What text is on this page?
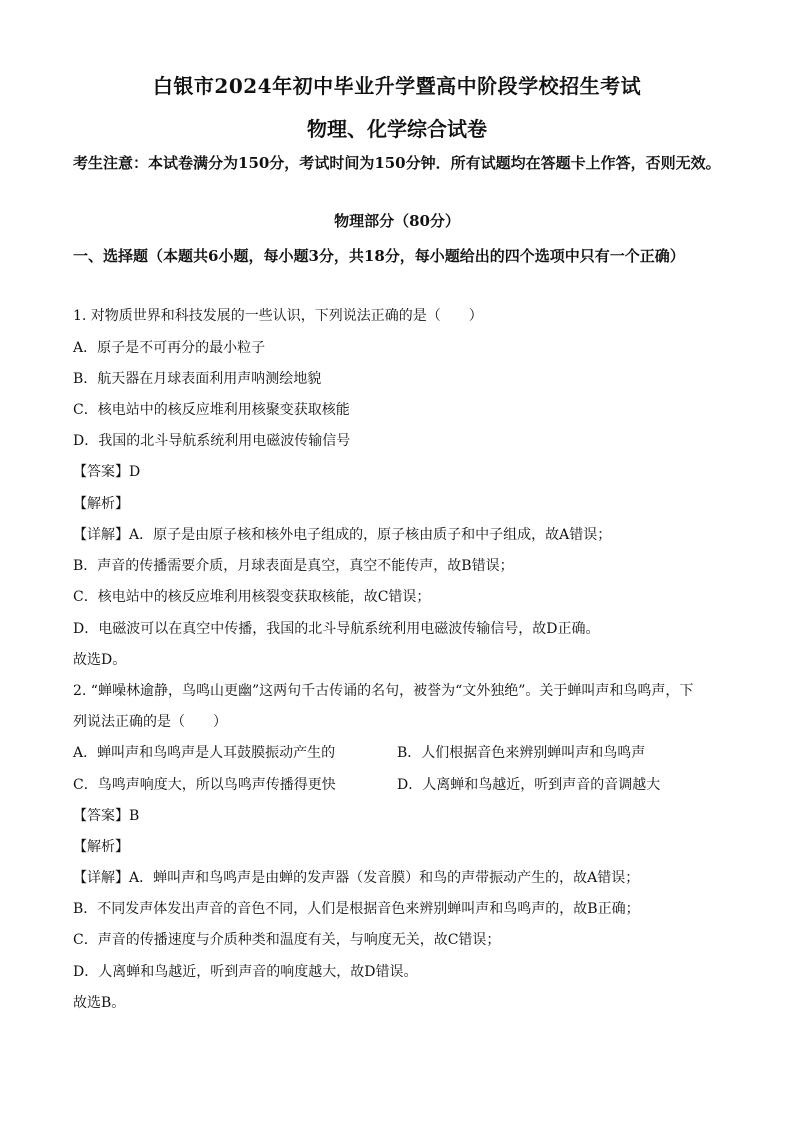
白银市2024年初中毕业升学暨高中阶段学校招生考试
物理、化学综合试卷
考生注意：本试卷满分为150分，考试时间为150分钟．所有试题均在答题卡上作答，否则无效。
物理部分（80分）
一、选择题（本题共6小题，每小题3分，共18分，每小题给出的四个选项中只有一个正确）
1. 对物质世界和科技发展的一些认识，下列说法正确的是（　　）
A．原子是不可再分的最小粒子
B．航天器在月球表面利用声呐测绘地貌
C．核电站中的核反应堆利用核聚变获取核能
D．我国的北斗导航系统利用电磁波传输信号
【答案】D
【解析】
【详解】A．原子是由原子核和核外电子组成的，原子核由质子和中子组成，故A错误；
B．声音的传播需要介质，月球表面是真空，真空不能传声，故B错误；
C．核电站中的核反应堆利用核裂变获取核能，故C错误；
D．电磁波可以在真空中传播，我国的北斗导航系统利用电磁波传输信号，故D正确。
故选D。
2. “蝉噪林逾静，鸟鸣山更幽”这两句千古传诵的名句，被誉为“文外独绝”。关于蝉叫声和鸟鸣声，下
列说法正确的是（　　）
A．蝉叫声和鸟鸣声是人耳鼓膜振动产生的	B．人们根据音色来辨别蝉叫声和鸟鸣声
C．鸟鸣声响度大，所以鸟鸣声传播得更快	D．人离蝉和鸟越近，听到声音的音调越大
【答案】B
【解析】
【详解】A．蝉叫声和鸟鸣声是由蝉的发声器（发音膜）和鸟的声带振动产生的，故A错误；
B．不同发声体发出声音的音色不同，人们是根据音色来辨别蝉叫声和鸟鸣声的，故B正确；
C．声音的传播速度与介质种类和温度有关，与响度无关，故C错误；
D．人离蝉和鸟越近，听到声音的响度越大，故D错误。
故选B。
